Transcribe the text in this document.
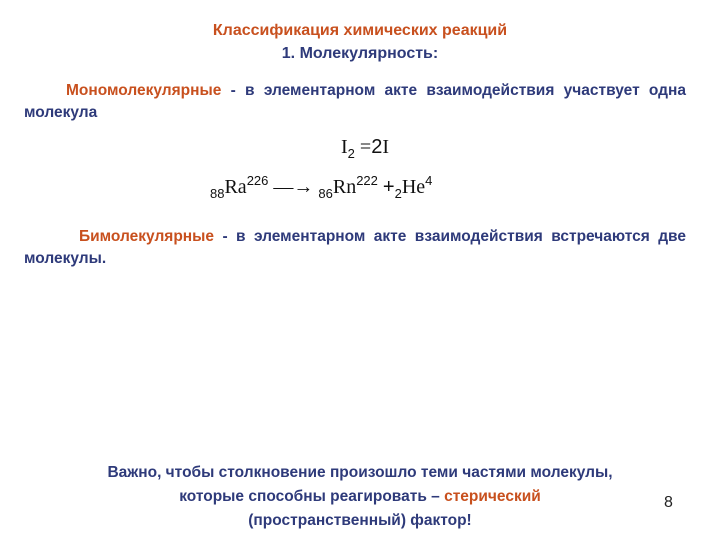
Классификация химических реакций
1. Молекулярность:
Мономолекулярные - в элементарном акте взаимодействия участвует одна молекула
$I_2 =2I$
$_{88}Ra^{226}$ —→ $_{86}Rn^{222} +_2He^4$
Бимолекулярные - в элементарном акте взаимодействия встречаются две молекулы.
Важно, чтобы столкновение произошло теми частями молекулы,
которые способны реагировать – стерический
(пространственный) фактор!
8
